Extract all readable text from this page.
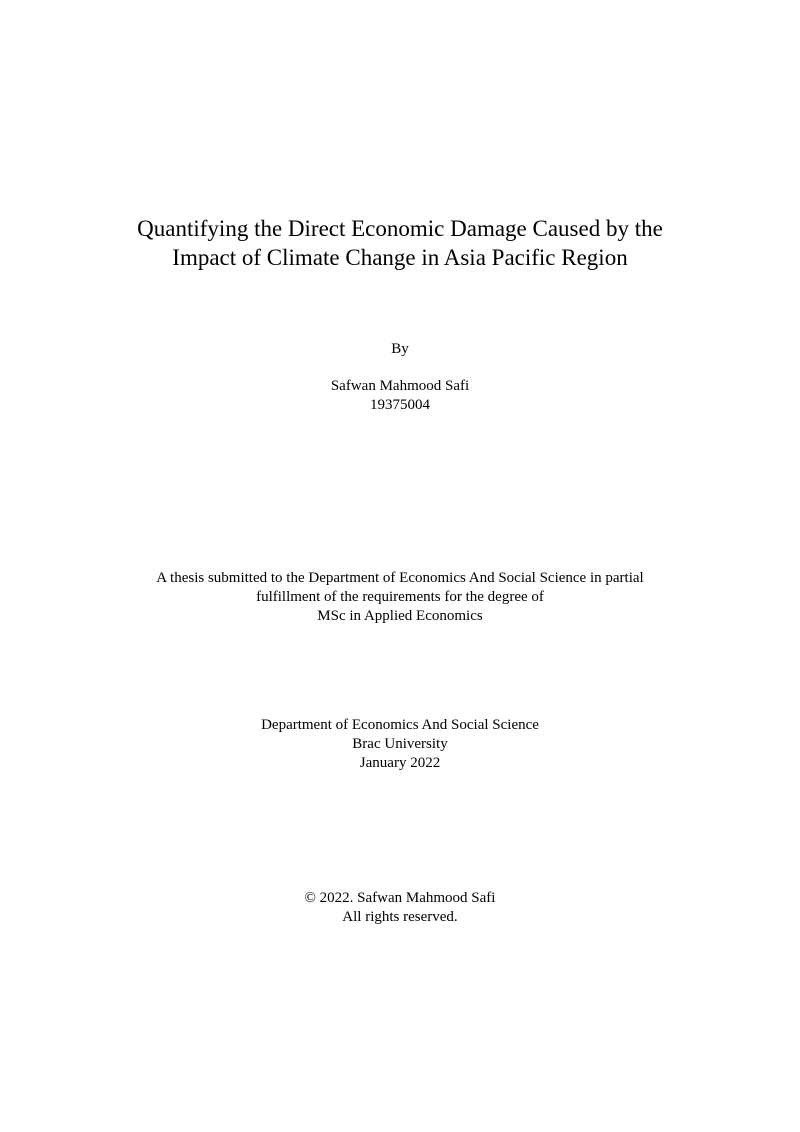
Quantifying the Direct Economic Damage Caused by the
Impact of Climate Change in Asia Pacific Region
By
Safwan Mahmood Safi
19375004
A thesis submitted to the Department of Economics And Social Science in partial
fulfillment of the requirements for the degree of
MSc in Applied Economics
Department of Economics And Social Science
Brac University
January 2022
© 2022. Safwan Mahmood Safi
All rights reserved.
